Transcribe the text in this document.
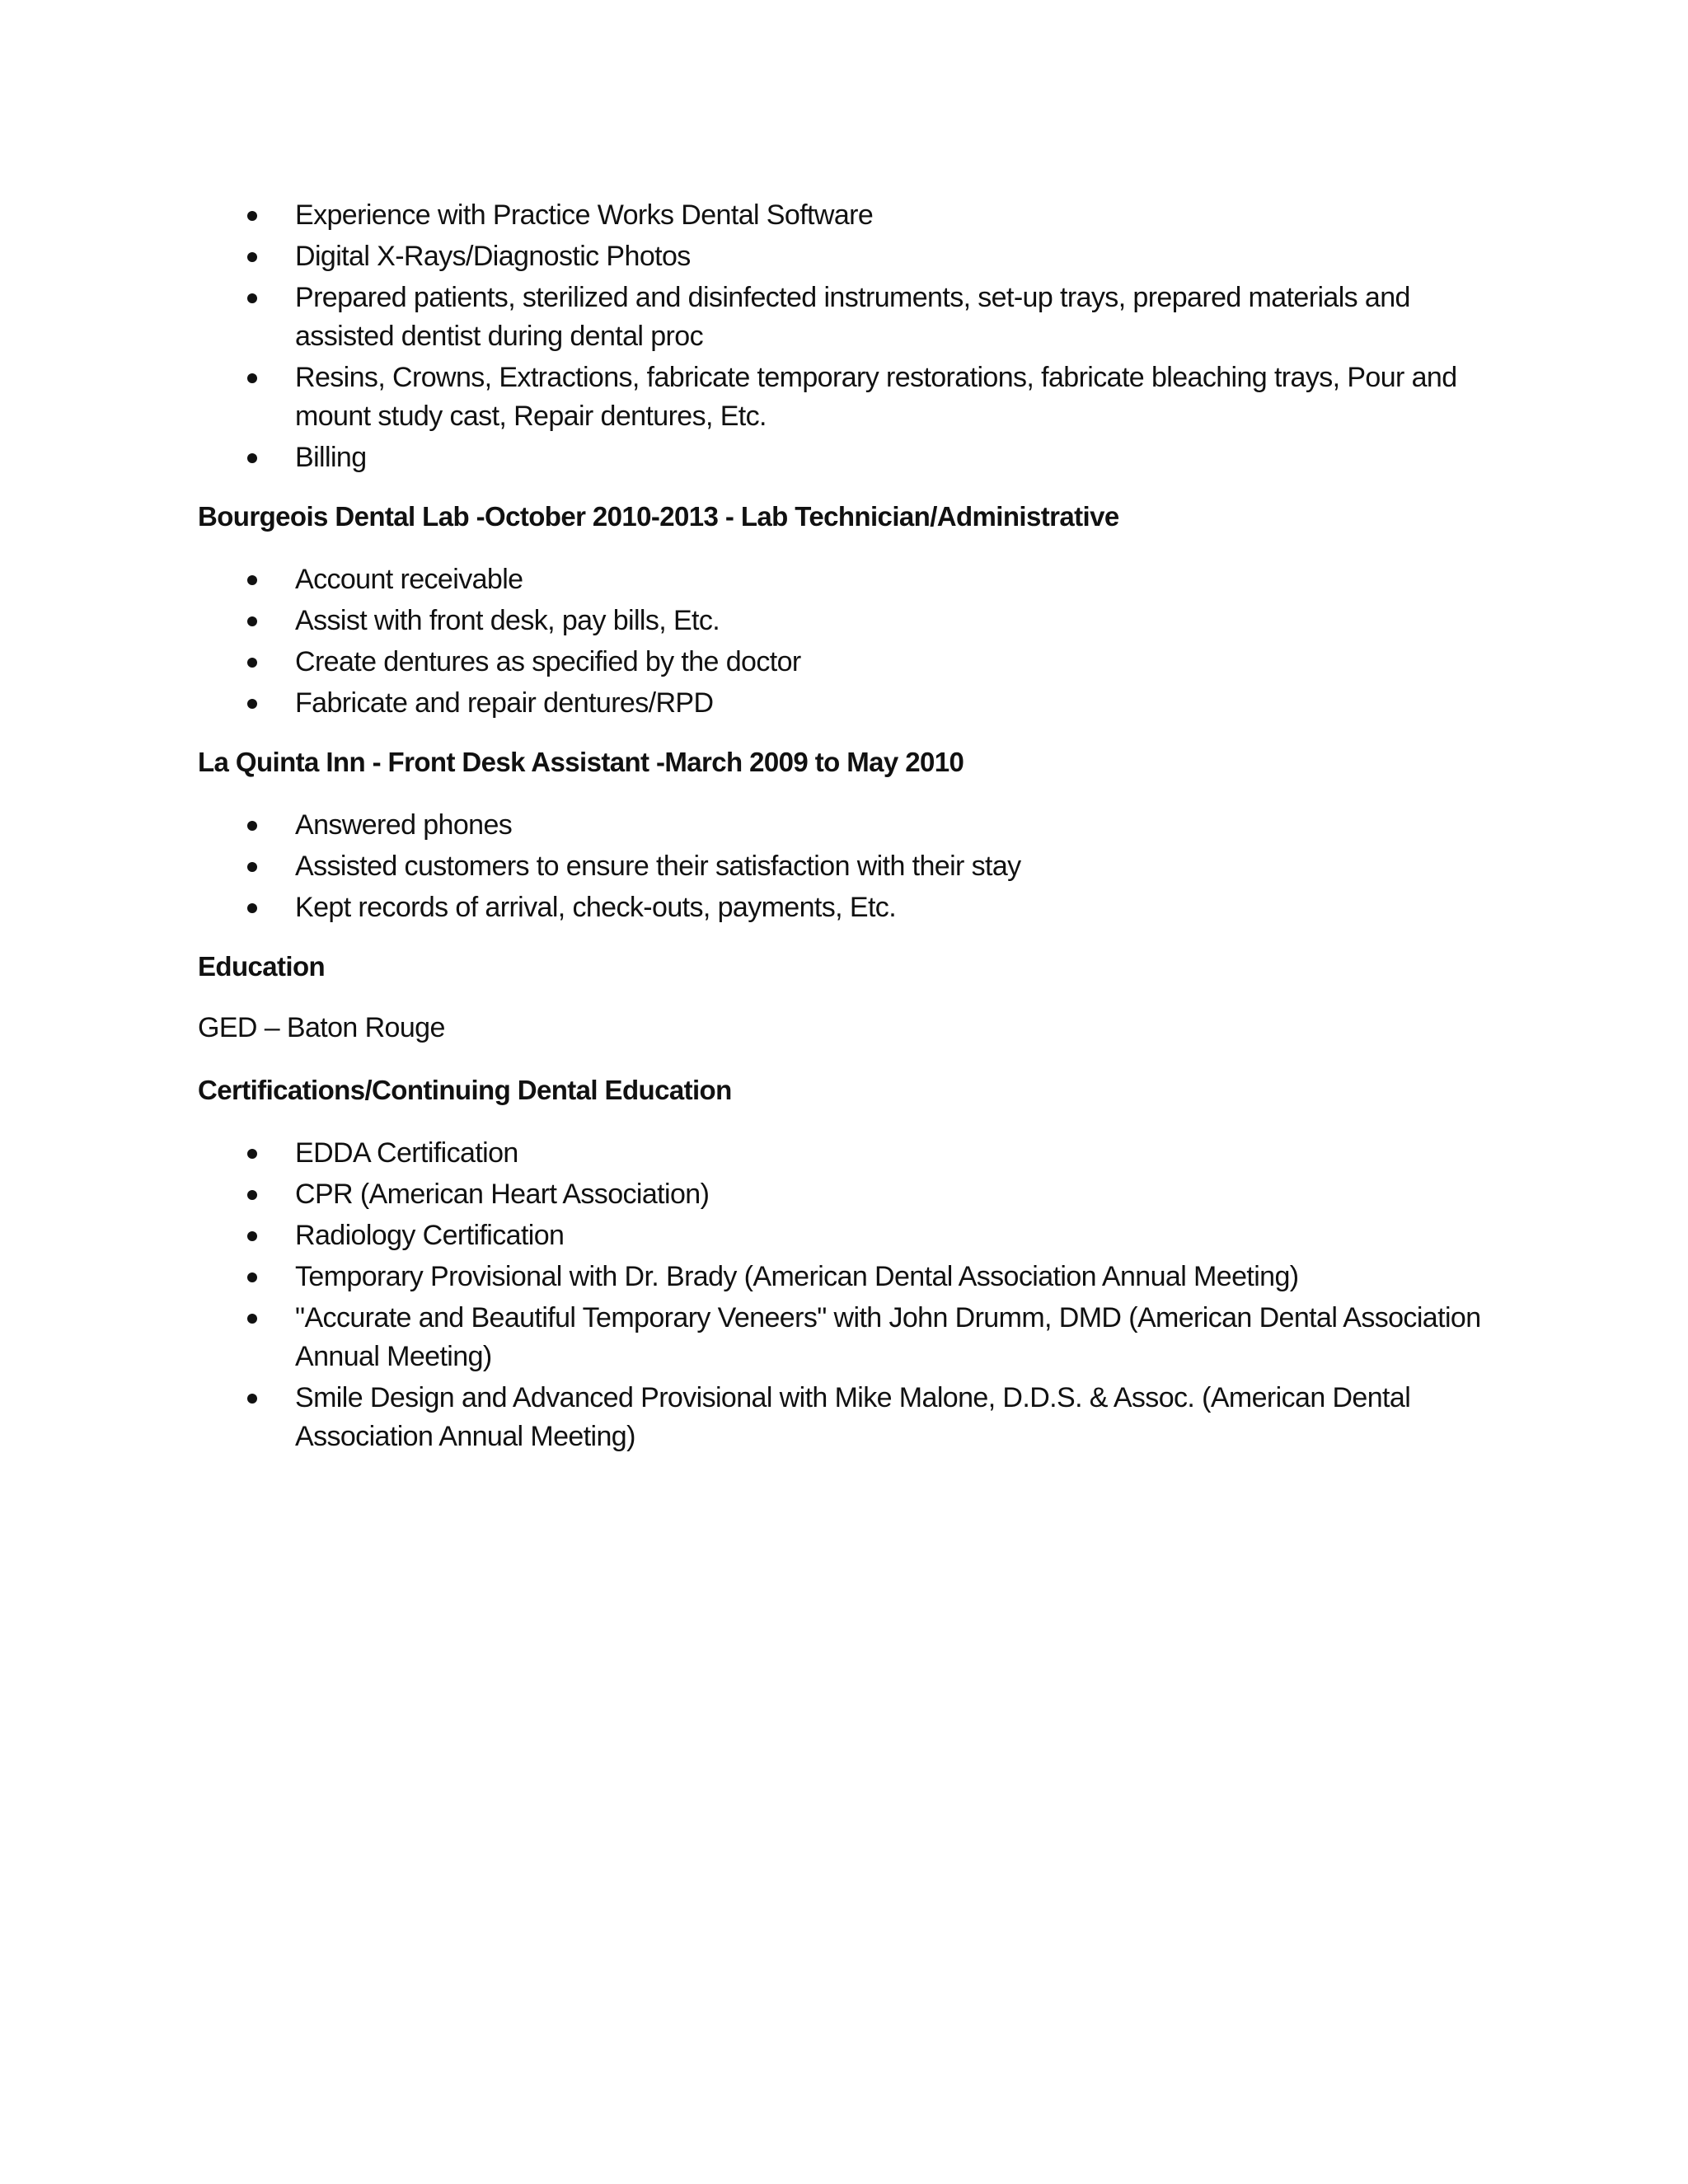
Experience with Practice Works Dental Software
Digital X-Rays/Diagnostic Photos
Prepared patients, sterilized and disinfected instruments, set-up trays, prepared materials and assisted dentist during dental proc
Resins, Crowns, Extractions, fabricate temporary restorations, fabricate bleaching trays, Pour and mount study cast, Repair dentures, Etc.
Billing

Bourgeois Dental Lab -October 2010-2013 - Lab Technician/Administrative

Account receivable
Assist with front desk, pay bills, Etc.
Create dentures as specified by the doctor
Fabricate and repair dentures/RPD

La Quinta Inn - Front Desk Assistant -March 2009 to May 2010

Answered phones
Assisted customers to ensure their satisfaction with their stay
Kept records of arrival, check-outs, payments, Etc.

Education

GED – Baton Rouge

Certifications/Continuing Dental Education

EDDA Certification
CPR (American Heart Association)
Radiology Certification
Temporary Provisional with Dr. Brady (American Dental Association Annual Meeting)
"Accurate and Beautiful Temporary Veneers" with John Drumm, DMD (American Dental Association Annual Meeting)
Smile Design and Advanced Provisional with Mike Malone, D.D.S. & Assoc. (American Dental Association Annual Meeting)
